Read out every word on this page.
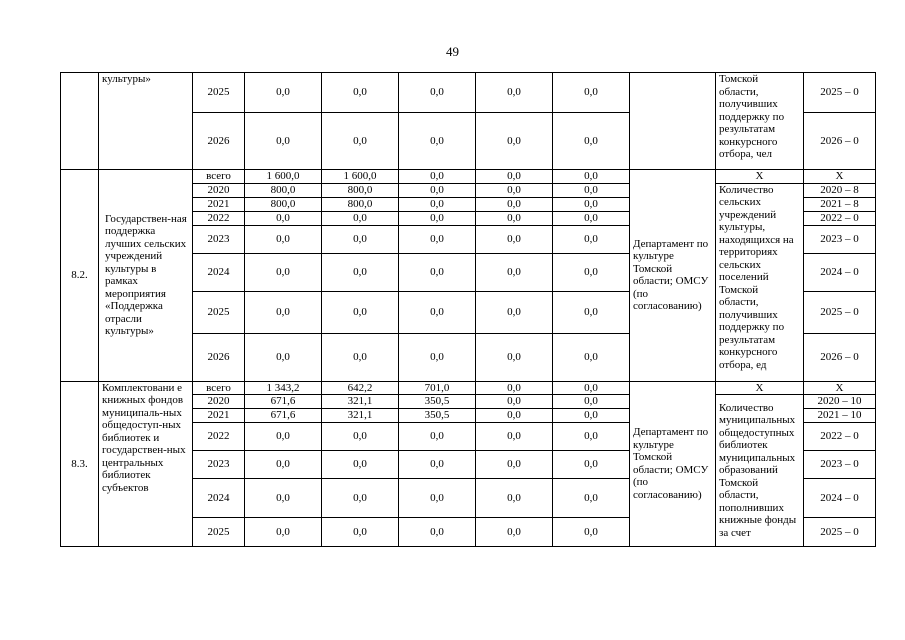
49
	культуры»	2025	0,0	0,0	0,0	0,0	0,0		Томской области, получивших поддержку по результатам конкурсного отбора, чел	2025 – 0
		2026	0,0	0,0	0,0	0,0	0,0			2026 – 0
8.2.	Государствен-ная поддержка лучших сельских учреждений культуры в рамках мероприятия «Поддержка отрасли культуры»	всего	1 600,0	1 600,0	0,0	0,0	0,0	Департамент по культуре Томской области; ОМСУ (по согласованию)	X	X
		2020	800,0	800,0	0,0	0,0	0,0		Количество сельских учреждений культуры, находящихся на территориях сельских поселений Томской области, получивших поддержку по результатам конкурсного отбора, ед	2020 – 8
		2021	800,0	800,0	0,0	0,0	0,0			2021 – 8
		2022	0,0	0,0	0,0	0,0	0,0			2022 – 0
		2023	0,0	0,0	0,0	0,0	0,0			2023 – 0
		2024	0,0	0,0	0,0	0,0	0,0			2024 – 0
		2025	0,0	0,0	0,0	0,0	0,0			2025 – 0
		2026	0,0	0,0	0,0	0,0	0,0			2026 – 0
8.3.	Комплектовани е книжных фондов муниципаль-ных общедоступ-ных библиотек и государствен-ных центральных библиотек субъектов	всего	1 343,2	642,2	701,0	0,0	0,0	Департамент по культуре Томской области; ОМСУ (по согласованию)	X	X
		2020	671,6	321,1	350,5	0,0	0,0		Количество муниципальных общедоступных библиотек муниципальных образований Томской области, пополнивших книжные фонды за счет	2020 – 10
		2021	671,6	321,1	350,5	0,0	0,0			2021 – 10
		2022	0,0	0,0	0,0	0,0	0,0			2022 – 0
		2023	0,0	0,0	0,0	0,0	0,0			2023 – 0
		2024	0,0	0,0	0,0	0,0	0,0			2024 – 0
		2025	0,0	0,0	0,0	0,0	0,0			2025 – 0
